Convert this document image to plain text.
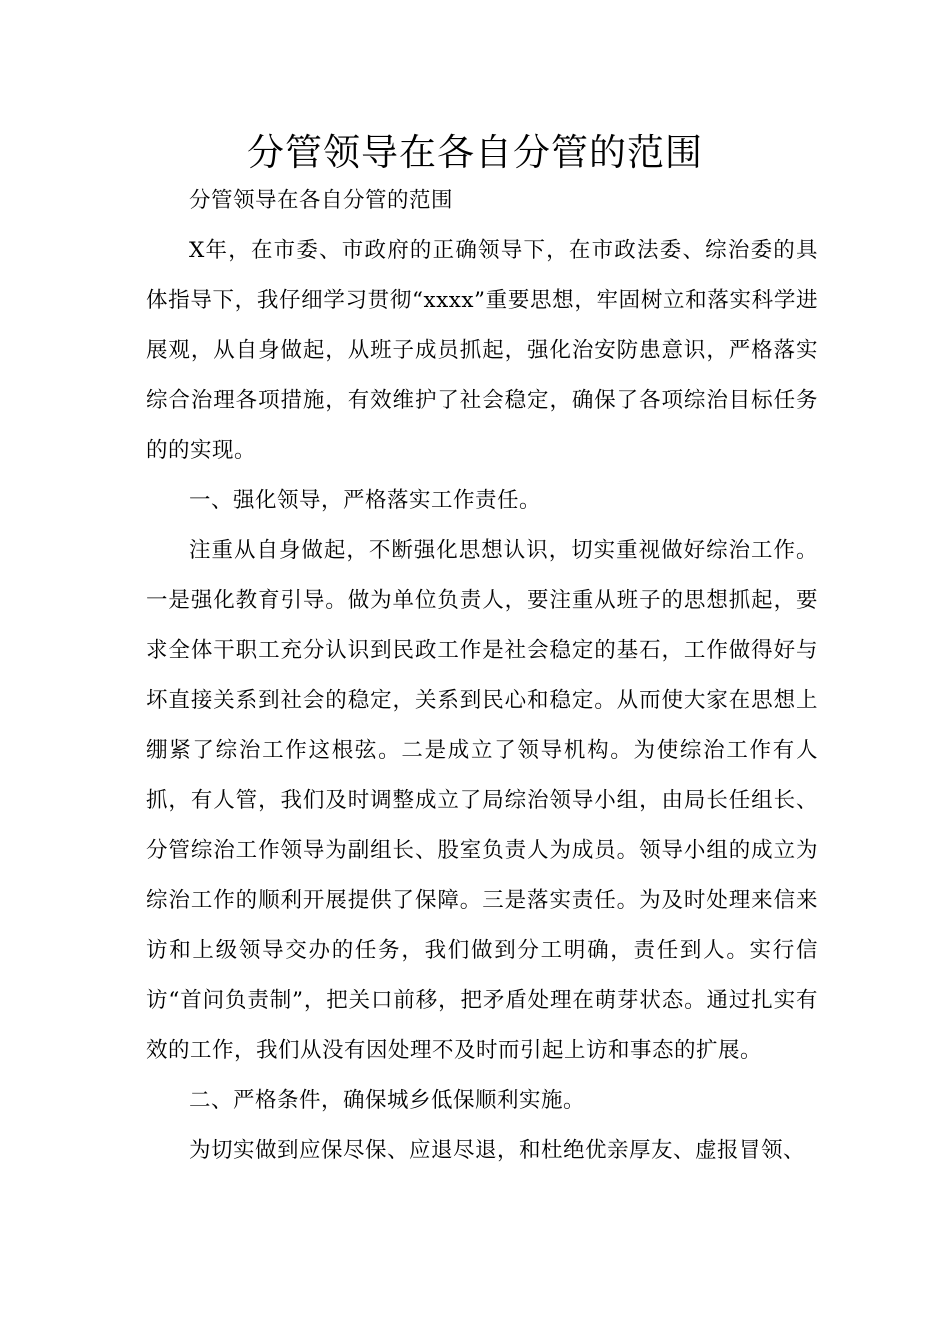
分管领导在各自分管的范围

分管领导在各自分管的范围

X年，在市委、市政府的正确领导下，在市政法委、综治委的具体指导下，我仔细学习贯彻“xxxx”重要思想，牢固树立和落实科学进展观，从自身做起，从班子成员抓起，强化治安防患意识，严格落实综合治理各项措施，有效维护了社会稳定，确保了各项综治目标任务的的实现。

一、强化领导，严格落实工作责任。

注重从自身做起，不断强化思想认识，切实重视做好综治工作。一是强化教育引导。做为单位负责人，要注重从班子的思想抓起，要求全体干职工充分认识到民政工作是社会稳定的基石，工作做得好与坏直接关系到社会的稳定，关系到民心和稳定。从而使大家在思想上绷紧了综治工作这根弦。二是成立了领导机构。为使综治工作有人抓，有人管，我们及时调整成立了局综治领导小组，由局长任组长、分管综治工作领导为副组长、股室负责人为成员。领导小组的成立为综治工作的顺利开展提供了保障。三是落实责任。为及时处理来信来访和上级领导交办的任务，我们做到分工明确，责任到人。实行信访“首问负责制”，把关口前移，把矛盾处理在萌芽状态。通过扎实有效的工作，我们从没有因处理不及时而引起上访和事态的扩展。

二、严格条件，确保城乡低保顺利实施。

为切实做到应保尽保、应退尽退，和杜绝优亲厚友、虚报冒领、
